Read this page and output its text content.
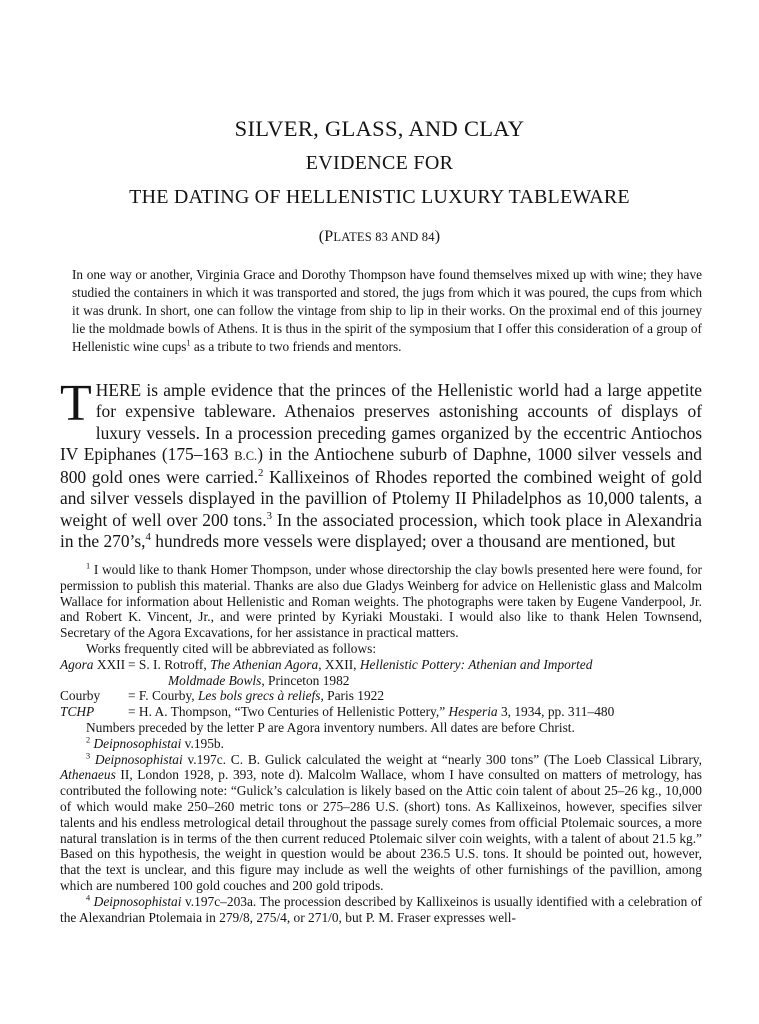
SILVER, GLASS, AND CLAY
EVIDENCE FOR
THE DATING OF HELLENISTIC LUXURY TABLEWARE
(PLATES 83 AND 84)
In one way or another, Virginia Grace and Dorothy Thompson have found themselves mixed up with wine; they have studied the containers in which it was transported and stored, the jugs from which it was poured, the cups from which it was drunk. In short, one can follow the vintage from ship to lip in their works. On the proximal end of this journey lie the moldmade bowls of Athens. It is thus in the spirit of the symposium that I offer this consideration of a group of Hellenistic wine cups$^1$ as a tribute to two friends and mentors.
THERE is ample evidence that the princes of the Hellenistic world had a large appetite for expensive tableware. Athenaios preserves astonishing accounts of displays of luxury vessels. In a procession preceding games organized by the eccentric Antiochos IV Epiphanes (175–163 B.C.) in the Antiochene suburb of Daphne, 1000 silver vessels and 800 gold ones were carried.$^2$ Kallixeinos of Rhodes reported the combined weight of gold and silver vessels displayed in the pavillion of Ptolemy II Philadelphos as 10,000 talents, a weight of well over 200 tons.$^3$ In the associated procession, which took place in Alexandria in the 270’s,$^4$ hundreds more vessels were displayed; over a thousand are mentioned, but

$^1$ I would like to thank Homer Thompson, under whose directorship the clay bowls presented here were found, for permission to publish this material. Thanks are also due Gladys Weinberg for advice on Hellenistic glass and Malcolm Wallace for information about Hellenistic and Roman weights. The photographs were taken by Eugene Vanderpool, Jr. and Robert K. Vincent, Jr., and were printed by Kyriaki Moustaki. I would also like to thank Helen Townsend, Secretary of the Agora Excavations, for her assistance in practical matters.

Works frequently cited will be abbreviated as follows:

Agora XXII = S. I. Rotroff, The Athenian Agora, XXII, Hellenistic Pottery: Athenian and Imported
Moldmade Bowls, Princeton 1982
Courby	= F. Courby, Les bols grecs à reliefs, Paris 1922
TCHP	= H. A. Thompson, “Two Centuries of Hellenistic Pottery,” Hesperia 3, 1934, pp. 311–480

Numbers preceded by the letter P are Agora inventory numbers. All dates are before Christ.

$^2$ Deipnosophistai v.195b.

$^3$ Deipnosophistai v.197c. C. B. Gulick calculated the weight at “nearly 300 tons” (The Loeb Classical Library, Athenaeus II, London 1928, p. 393, note d). Malcolm Wallace, whom I have consulted on matters of metrology, has contributed the following note: “Gulick’s calculation is likely based on the Attic coin talent of about 25–26 kg., 10,000 of which would make 250–260 metric tons or 275–286 U.S. (short) tons. As Kallixeinos, however, specifies silver talents and his endless metrological detail throughout the passage surely comes from official Ptolemaic sources, a more natural translation is in terms of the then current reduced Ptolemaic silver coin weights, with a talent of about 21.5 kg.” Based on this hypothesis, the weight in question would be about 236.5 U.S. tons. It should be pointed out, however, that the text is unclear, and this figure may include as well the weights of other furnishings of the pavillion, among which are numbered 100 gold couches and 200 gold tripods.

$^4$ Deipnosophistai v.197c–203a. The procession described by Kallixeinos is usually identified with a celebration of the Alexandrian Ptolemaia in 279/8, 275/4, or 271/0, but P. M. Fraser expresses well-
